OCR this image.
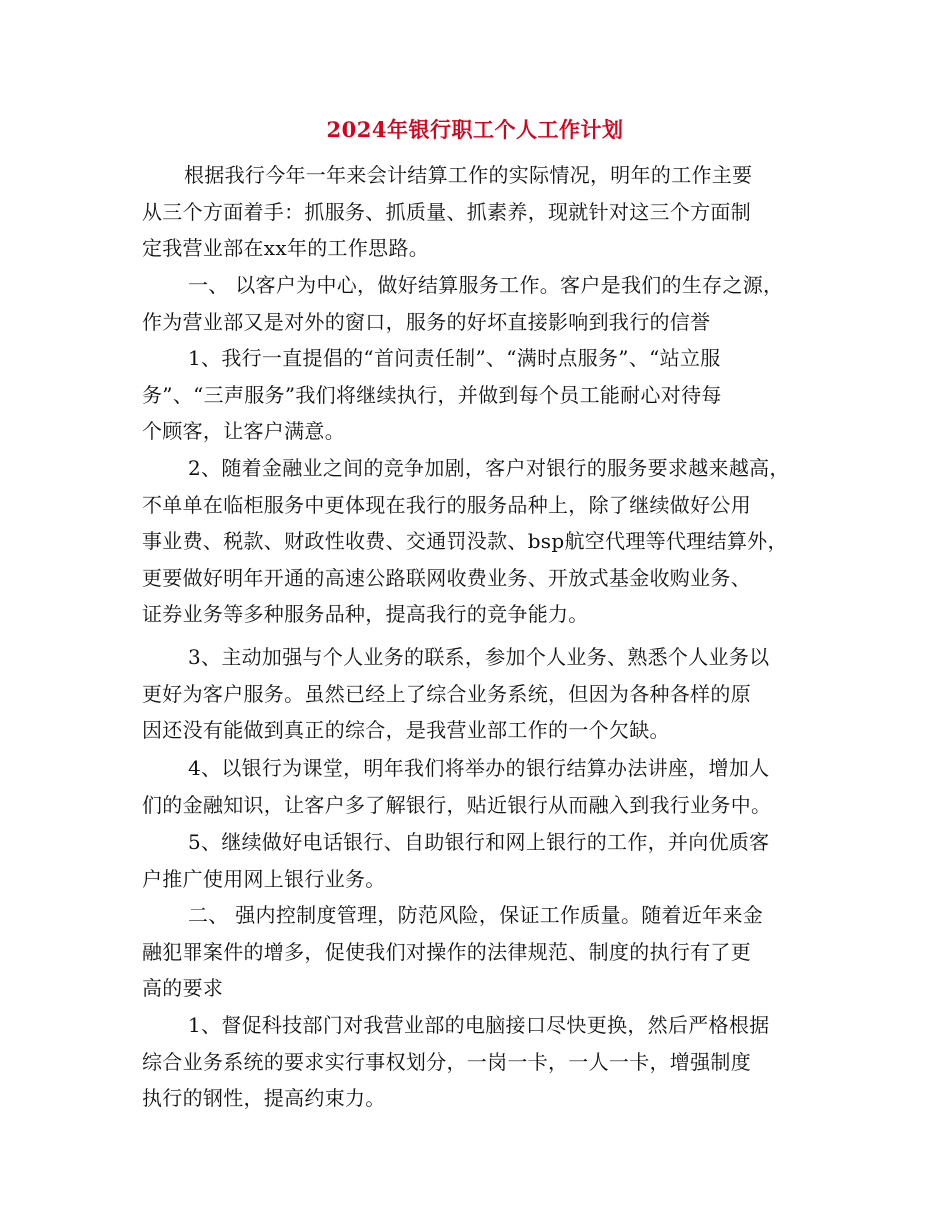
2024年银行职工个人工作计划
根据我行今年一年来会计结算工作的实际情况，明年的工作主要
从三个方面着手：抓服务、抓质量、抓素养，现就针对这三个方面制
定我营业部在xx年的工作思路。
一、 以客户为中心，做好结算服务工作。客户是我们的生存之源，
作为营业部又是对外的窗口，服务的好坏直接影响到我行的信誉
1、我行一直提倡的“首问责任制”、“满时点服务”、“站立服
务”、“三声服务”我们将继续执行，并做到每个员工能耐心对待每
个顾客，让客户满意。
2、随着金融业之间的竞争加剧，客户对银行的服务要求越来越高，
不单单在临柜服务中更体现在我行的服务品种上，除了继续做好公用
事业费、税款、财政性收费、交通罚没款、bsp航空代理等代理结算外，
更要做好明年开通的高速公路联网收费业务、开放式基金收购业务、
证券业务等多种服务品种，提高我行的竞争能力。
3、主动加强与个人业务的联系，参加个人业务、熟悉个人业务以
更好为客户服务。虽然已经上了综合业务系统，但因为各种各样的原
因还没有能做到真正的综合，是我营业部工作的一个欠缺。
4、以银行为课堂，明年我们将举办的银行结算办法讲座，增加人
们的金融知识，让客户多了解银行，贴近银行从而融入到我行业务中。
5、继续做好电话银行、自助银行和网上银行的工作，并向优质客
户推广使用网上银行业务。
二、 强内控制度管理，防范风险，保证工作质量。随着近年来金
融犯罪案件的增多，促使我们对操作的法律规范、制度的执行有了更
高的要求
1、督促科技部门对我营业部的电脑接口尽快更换，然后严格根据
综合业务系统的要求实行事权划分，一岗一卡，一人一卡，增强制度
执行的钢性，提高约束力。
